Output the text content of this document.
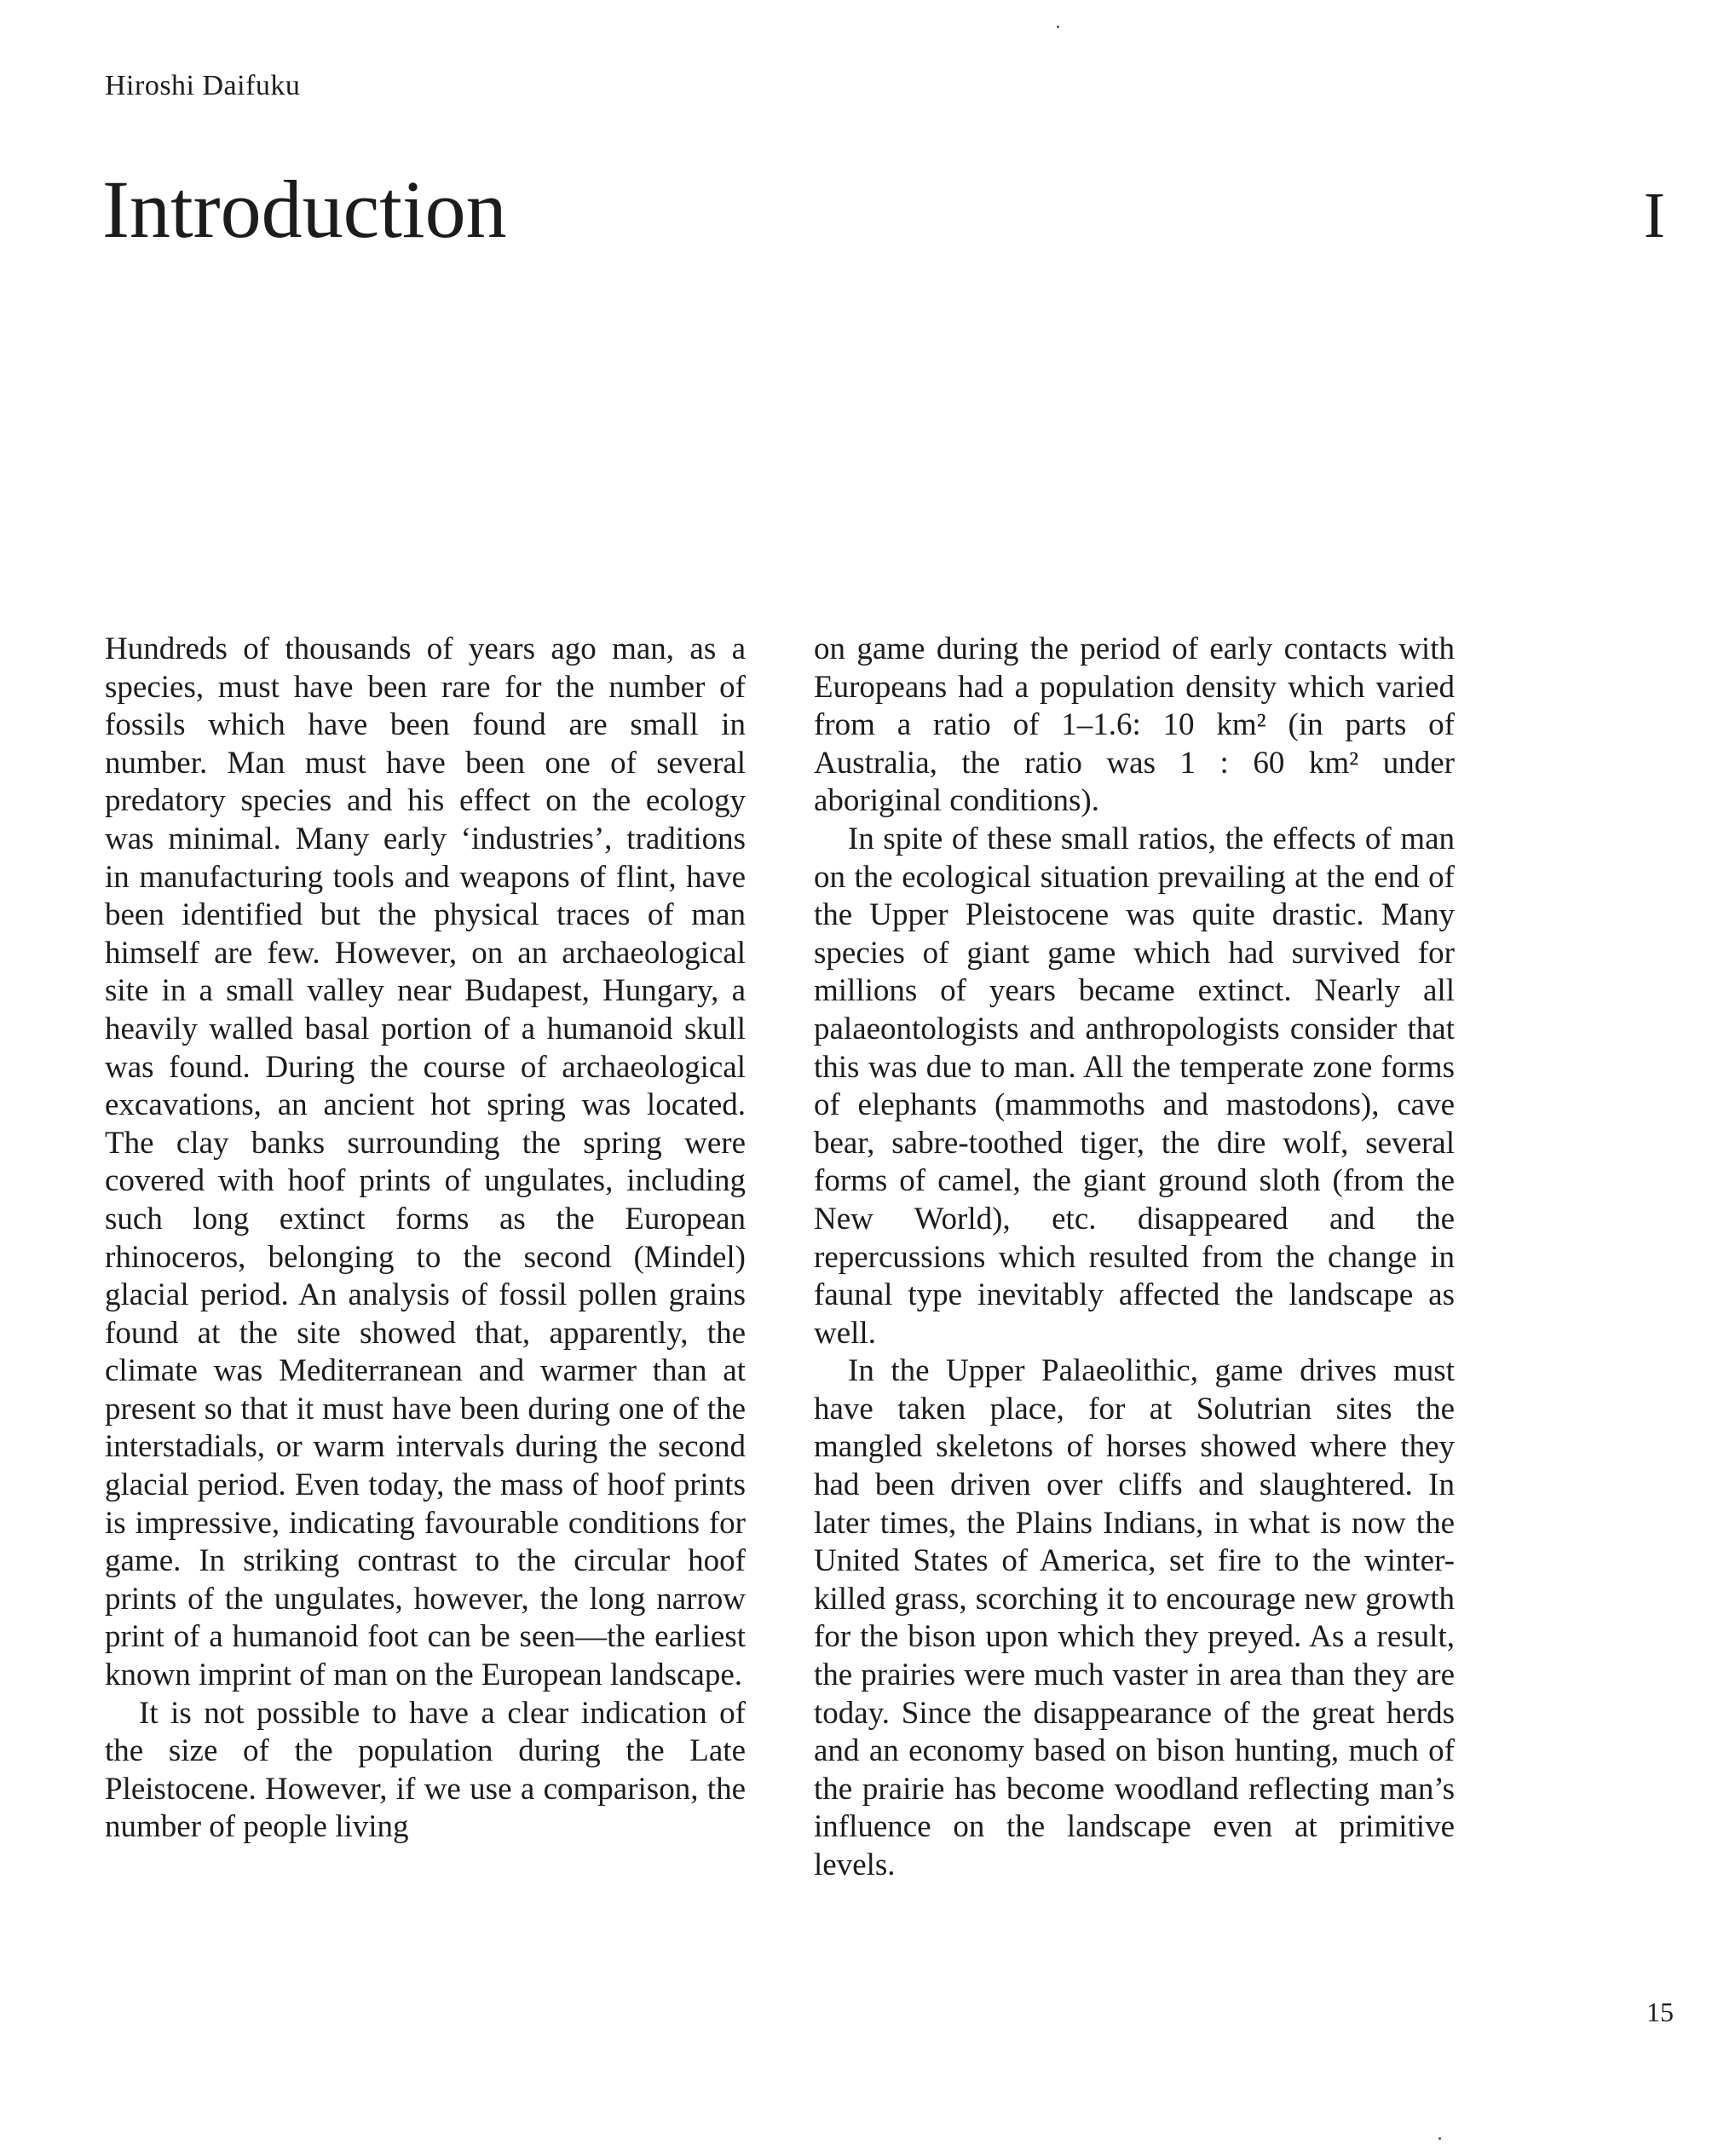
Hiroshi Daifuku
Introduction	I

Hundreds of thousands of years ago man, as a species, must have been rare for the number of fossils which have been found are small in number. Man must have been one of several predatory species and his effect on the ecology was minimal. Many early ‘industries’, traditions in manufacturing tools and weapons of flint, have been identified but the physical traces of man himself are few. However, on an archaeological site in a small valley near Budapest, Hungary, a heavily walled basal portion of a humanoid skull was found. During the course of archaeological excavations, an ancient hot spring was located. The clay banks surrounding the spring were covered with hoof prints of ungulates, including such long extinct forms as the European rhinoceros, belonging to the second (Mindel) glacial period. An analysis of fossil pollen grains found at the site showed that, apparently, the climate was Mediterranean and warmer than at present so that it must have been during one of the interstadials, or warm intervals during the second glacial period. Even today, the mass of hoof prints is impressive, indicating favourable conditions for game. In striking contrast to the circular hoof prints of the ungulates, however, the long narrow print of a humanoid foot can be seen—the earliest known imprint of man on the European landscape.

It is not possible to have a clear indication of the size of the population during the Late Pleistocene. However, if we use a comparison, the number of people living

on game during the period of early contacts with Europeans had a population density which varied from a ratio of 1–1.6: 10 km² (in parts of Australia, the ratio was 1 : 60 km² under aboriginal conditions).

In spite of these small ratios, the effects of man on the ecological situation prevailing at the end of the Upper Pleistocene was quite drastic. Many species of giant game which had survived for millions of years became extinct. Nearly all palaeontologists and anthropologists consider that this was due to man. All the temperate zone forms of elephants (mammoths and mastodons), cave bear, sabre-toothed tiger, the dire wolf, several forms of camel, the giant ground sloth (from the New World), etc. disappeared and the repercussions which resulted from the change in faunal type inevitably affected the landscape as well.

In the Upper Palaeolithic, game drives must have taken place, for at Solutrian sites the mangled skeletons of horses showed where they had been driven over cliffs and slaughtered. In later times, the Plains Indians, in what is now the United States of America, set fire to the winter-killed grass, scorching it to encourage new growth for the bison upon which they preyed. As a result, the prairies were much vaster in area than they are today. Since the disappearance of the great herds and an economy based on bison hunting, much of the prairie has become woodland reflecting man’s influence on the landscape even at primitive levels.

15
